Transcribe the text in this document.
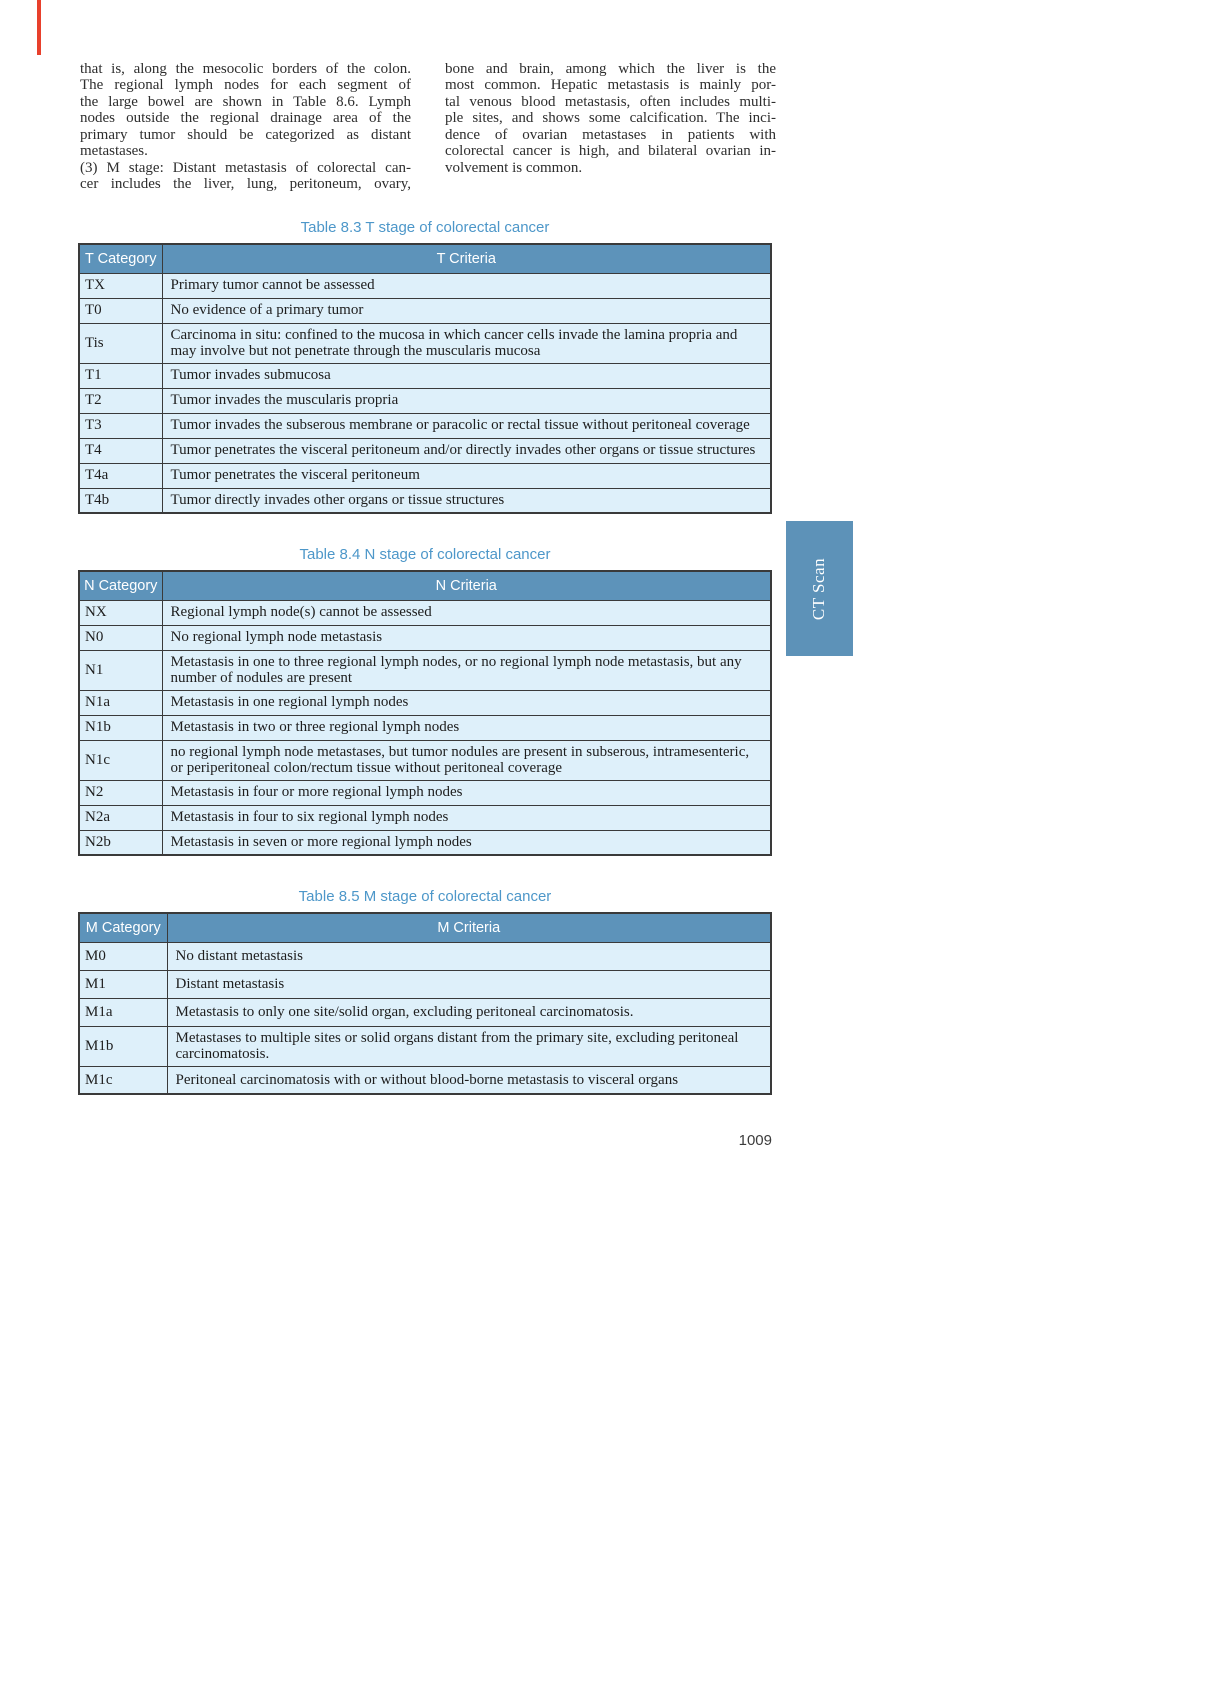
that is, along the mesocolic borders of the colon.
The regional lymph nodes for each segment of
the large bowel are shown in Table 8.6. Lymph
nodes outside the regional drainage area of the
primary tumor should be categorized as distant
metastases.
(3) M stage: Distant metastasis of colorectal can-
cer includes the liver, lung, peritoneum, ovary,
bone and brain, among which the liver is the
most common. Hepatic metastasis is mainly por-
tal venous blood metastasis, often includes multi-
ple sites, and shows some calcification. The inci-
dence of ovarian metastases in patients with
colorectal cancer is high, and bilateral ovarian in-
volvement is common.
Table 8.3 T stage of colorectal cancer
T Category	T Criteria
TX	Primary tumor cannot be assessed
T0	No evidence of a primary tumor
Tis	Carcinoma in situ: confined to the mucosa in which cancer cells invade the lamina propria and may involve but not penetrate through the muscularis mucosa
T1	Tumor invades submucosa
T2	Tumor invades the muscularis propria
T3	Tumor invades the subserous membrane or paracolic or rectal tissue without peritoneal coverage
T4	Tumor penetrates the visceral peritoneum and/or directly invades other organs or tissue structures
T4a	Tumor penetrates the visceral peritoneum
T4b	Tumor directly invades other organs or tissue structures
Table 8.4 N stage of colorectal cancer
N Category	N Criteria
NX	Regional lymph node(s) cannot be assessed
N0	No regional lymph node metastasis
N1	Metastasis in one to three regional lymph nodes, or no regional lymph node metastasis, but any number of nodules are present
N1a	Metastasis in one regional lymph nodes
N1b	Metastasis in two or three regional lymph nodes
N1c	no regional lymph node metastases, but tumor nodules are present in subserous, intramesenteric, or periperitoneal colon/rectum tissue without peritoneal coverage
N2	Metastasis in four or more regional lymph nodes
N2a	Metastasis in four to six regional lymph nodes
N2b	Metastasis in seven or more regional lymph nodes
Table 8.5 M stage of colorectal cancer
M Category	M Criteria
M0	No distant metastasis
M1	Distant metastasis
M1a	Metastasis to only one site/solid organ, excluding peritoneal carcinomatosis.
M1b	Metastases to multiple sites or solid organs distant from the primary site, excluding peritoneal carcinomatosis.
M1c	Peritoneal carcinomatosis with or without blood-borne metastasis to visceral organs
CT Scan
1009
